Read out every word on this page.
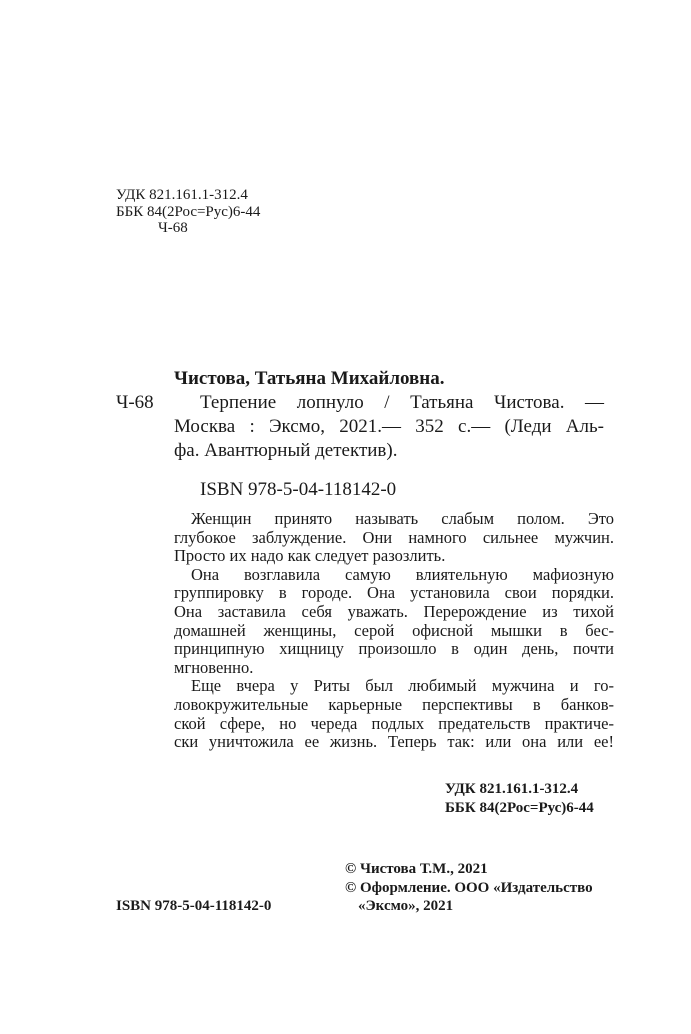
УДК 821.161.1-312.4
ББК 84(2Рос=Рус)6-44
Ч-68
Чистова, Татьяна Михайловна.
Ч-68 Терпение лопнуло / Татьяна Чистова. —
Москва : Эксмо, 2021.— 352 с.— (Леди Аль-
фа. Авантюрный детектив).
ISBN 978-5-04-118142-0
Женщин принято называть слабым полом. Это
глубокое заблуждение. Они намного сильнее мужчин.
Просто их надо как следует разозлить.
Она возглавила самую влиятельную мафиозную
группировку в городе. Она установила свои порядки.
Она заставила себя уважать. Перерождение из тихой
домашней женщины, серой офисной мышки в бес-
принципную хищницу произошло в один день, почти
мгновенно.
Еще вчера у Риты был любимый мужчина и го-
ловокружительные карьерные перспективы в банков-
ской сфере, но череда подлых предательств практиче-
ски уничтожила ее жизнь. Теперь так: или она или ее!
УДК 821.161.1-312.4
ББК 84(2Рос=Рус)6-44
© Чистова Т.М., 2021
© Оформление. ООО «Издательство
«Эксмо», 2021
ISBN 978-5-04-118142-0
